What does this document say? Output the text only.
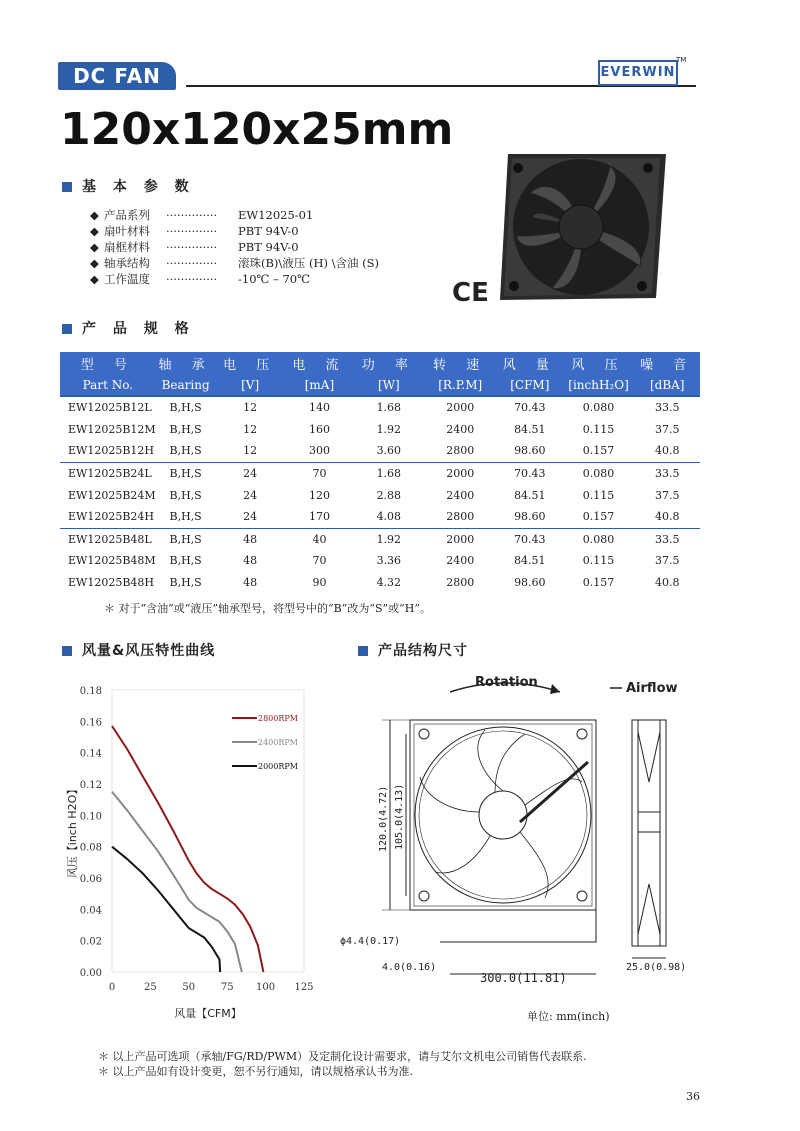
DC FAN	EVERWIN
TM
120x120x25mm
基 本 参 数
◆ 产品系列 ·············· EW12025-01
◆ 扇叶材料 ·············· PBT 94V-0
◆ 扇框材料 ·············· PBT 94V-0
◆ 轴承结构 ·············· 滚珠(B)\液压 (H) \含油 (S)
◆ 工作温度 ·············· -10℃ – 70℃	CE
产 品 规 格
型 号	轴 承	电 压	电 流	功 率	转 速	风 量	风 压	噪 音
Part No.	Bearing	[V]	[mA]	[W]	[R.P.M]	[CFM]	[inchH₂O]	[dBA]
EW12025B12L	B,H,S	12	140	1.68	2000	70.43	0.080	33.5
EW12025B12M	B,H,S	12	160	1.92	2400	84.51	0.115	37.5
EW12025B12H	B,H,S	12	300	3.60	2800	98.60	0.157	40.8
EW12025B24L	B,H,S	24	70	1.68	2000	70.43	0.080	33.5
EW12025B24M	B,H,S	24	120	2.88	2400	84.51	0.115	37.5
EW12025B24H	B,H,S	24	170	4.08	2800	98.60	0.157	40.8
EW12025B48L	B,H,S	48	40	1.92	2000	70.43	0.080	33.5
EW12025B48M	B,H,S	48	70	3.36	2400	84.51	0.115	37.5
EW12025B48H	B,H,S	48	90	4.32	2800	98.60	0.157	40.8
＊ 对于“含油”或“液压”轴承型号，将型号中的“B”改为“S”或“H”。
风量&风压特性曲线
0.00
0.02
0.04
0.06
0.08
0.10
0.12
0.14
0.16
0.18
0	25	50	75 100 125
风量【CFM】
风压【inch H2O】
2800RPM
2400RPM
2000RPM
产品结构尺寸
Rotation	Airflow
120.0(4.72) 105.0(4.13)
ϕ4.4(0.17)
4.0(0.16)
300.0(11.81)
25.0(0.98)
单位: mm(inch)
＊ 以上产品可选项（承轴/FG/RD/PWM）及定制化设计需要求，请与艾尔文机电公司销售代表联系.
＊ 以上产品如有设计变更，恕不另行通知，请以规格承认书为准.
36
